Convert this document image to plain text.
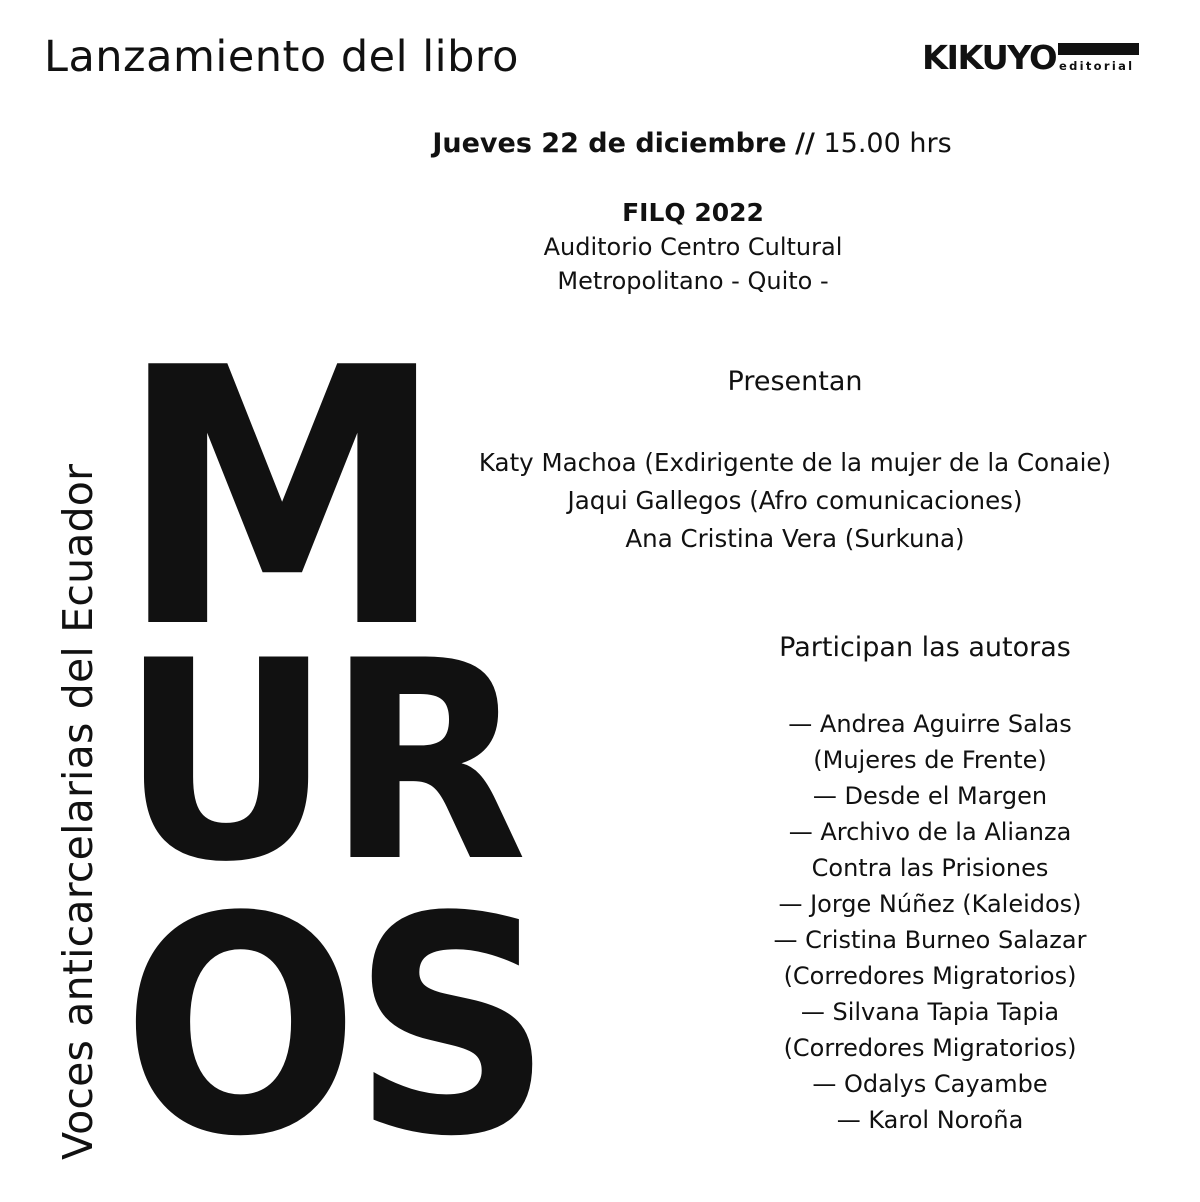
Lanzamiento del libro	KIKUYO editorial
Jueves 22 de diciembre // 15.00 hrs
FILQ 2022
Auditorio Centro Cultural
Metropolitano - Quito -
Voces anticarcelarias del Ecuador M
UR
OS
Presentan
Katy Machoa (Exdirigente de la mujer de la Conaie)
Jaqui Gallegos (Afro comunicaciones)
Ana Cristina Vera (Surkuna)
Participan las autoras
— Andrea Aguirre Salas
(Mujeres de Frente)
— Desde el Margen
— Archivo de la Alianza
Contra las Prisiones
— Jorge Núñez (Kaleidos)
— Cristina Burneo Salazar
(Corredores Migratorios)
— Silvana Tapia Tapia
(Corredores Migratorios)
— Odalys Cayambe
— Karol Noroña
